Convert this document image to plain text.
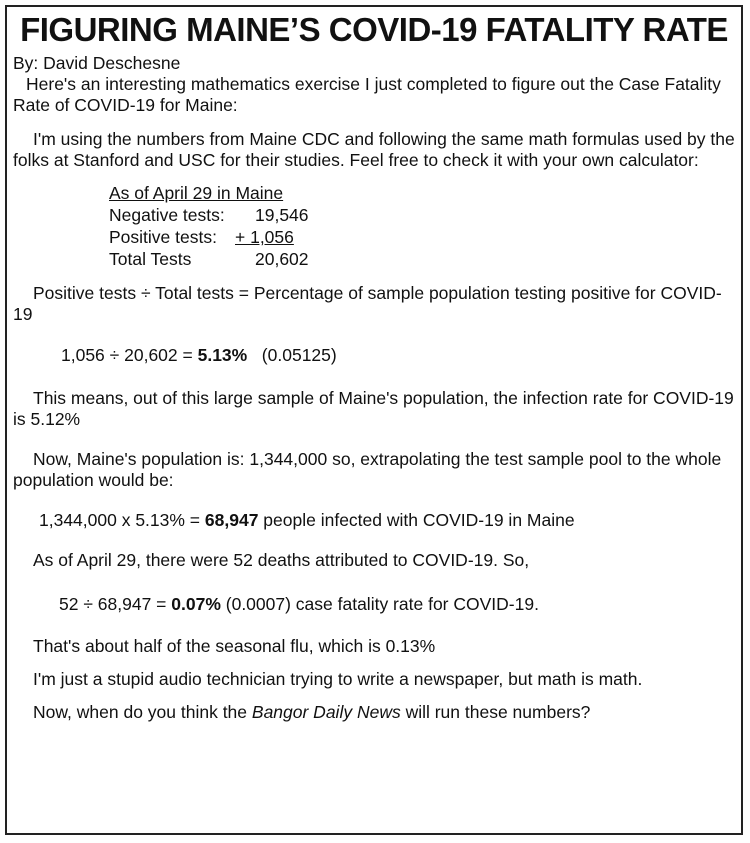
FIGURING MAINE’S COVID-19 FATALITY RATE
By: David Deschesne
Here's an interesting mathematics exercise I just completed to figure out the Case Fatality Rate of COVID-19 for Maine:
I'm using the numbers from Maine CDC and following the same math formulas used by the folks at Stanford and USC for their studies. Feel free to check it with your own calculator:
As of April 29 in Maine
Negative tests: 19,546
Positive tests: + 1,056
Total Tests	20,602
Positive tests ÷ Total tests = Percentage of sample population testing positive for COVID-19
1,056 ÷ 20,602 = 5.13%   (0.05125)
This means, out of this large sample of Maine's population, the infection rate for COVID-19 is 5.12%
Now, Maine's population is: 1,344,000 so, extrapolating the test sample pool to the whole population would be:
1,344,000 x 5.13% = 68,947 people infected with COVID-19 in Maine
As of April 29, there were 52 deaths attributed to COVID-19. So,
52 ÷ 68,947 = 0.07% (0.0007) case fatality rate for COVID-19.
That's about half of the seasonal flu, which is 0.13%
I'm just a stupid audio technician trying to write a newspaper, but math is math.
Now, when do you think the Bangor Daily News will run these numbers?
